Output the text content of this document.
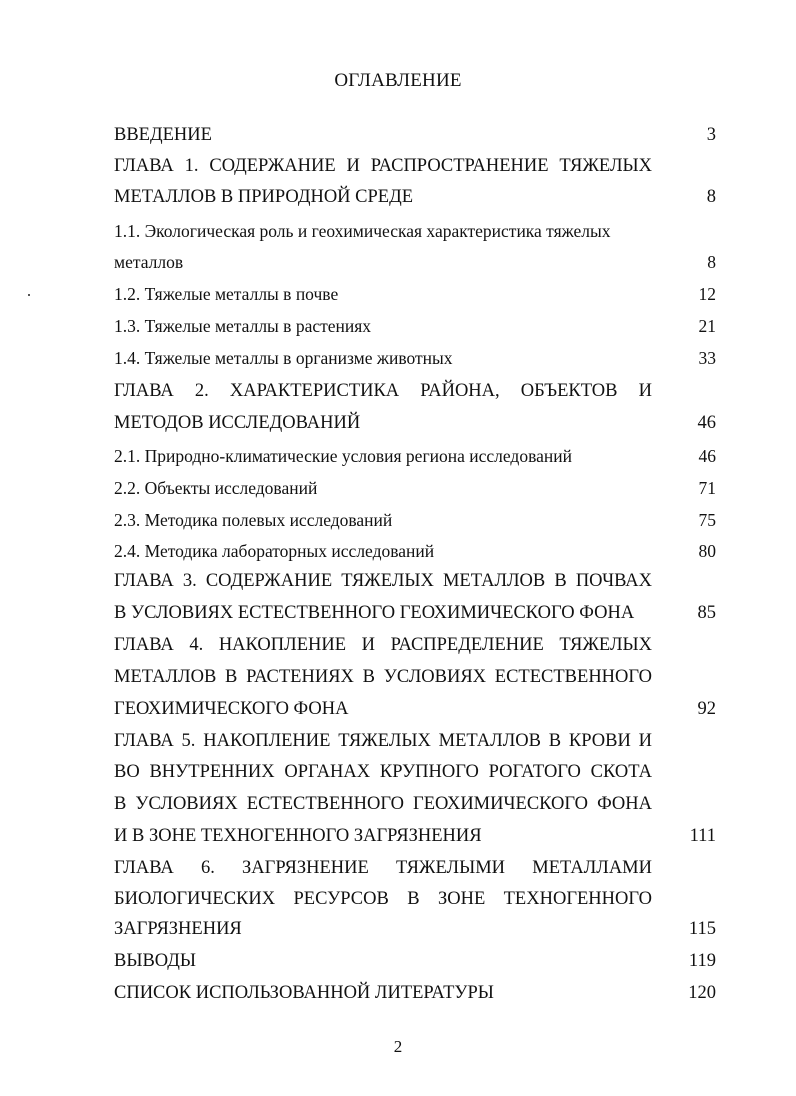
ОГЛАВЛЕНИЕ
ВВЕДЕНИЕ	3
ГЛАВА 1. СОДЕРЖАНИЕ И РАСПРОСТРАНЕНИЕ ТЯЖЕЛЫХ
МЕТАЛЛОВ В ПРИРОДНОЙ СРЕДЕ	8
1.1. Экологическая роль и геохимическая характеристика тяжелых
металлов	8
1.2. Тяжелые металлы в почве	12
1.3. Тяжелые металлы в растениях	21
1.4. Тяжелые металлы в организме животных	33
ГЛАВА 2. ХАРАКТЕРИСТИКА РАЙОНА, ОБЪЕКТОВ И
МЕТОДОВ ИССЛЕДОВАНИЙ	46
2.1. Природно-климатические условия региона исследований	46
2.2. Объекты исследований	71
2.3. Методика полевых исследований	75
2.4. Методика лабораторных исследований	80
ГЛАВА 3. СОДЕРЖАНИЕ ТЯЖЕЛЫХ МЕТАЛЛОВ В ПОЧВАХ
В УСЛОВИЯХ ЕСТЕСТВЕННОГО ГЕОХИМИЧЕСКОГО ФОНА	85
ГЛАВА 4. НАКОПЛЕНИЕ И РАСПРЕДЕЛЕНИЕ ТЯЖЕЛЫХ
МЕТАЛЛОВ В РАСТЕНИЯХ В УСЛОВИЯХ ЕСТЕСТВЕННОГО
ГЕОХИМИЧЕСКОГО ФОНА	92
ГЛАВА 5. НАКОПЛЕНИЕ ТЯЖЕЛЫХ МЕТАЛЛОВ В КРОВИ И
ВО ВНУТРЕННИХ ОРГАНАХ КРУПНОГО РОГАТОГО СКОТА
В УСЛОВИЯХ ЕСТЕСТВЕННОГО ГЕОХИМИЧЕСКОГО ФОНА
И В ЗОНЕ ТЕХНОГЕННОГО ЗАГРЯЗНЕНИЯ	111
ГЛАВА 6. ЗАГРЯЗНЕНИЕ ТЯЖЕЛЫМИ МЕТАЛЛАМИ
БИОЛОГИЧЕСКИХ РЕСУРСОВ В ЗОНЕ ТЕХНОГЕННОГО
ЗАГРЯЗНЕНИЯ	115
ВЫВОДЫ	119
СПИСОК ИСПОЛЬЗОВАННОЙ ЛИТЕРАТУРЫ	120
2
